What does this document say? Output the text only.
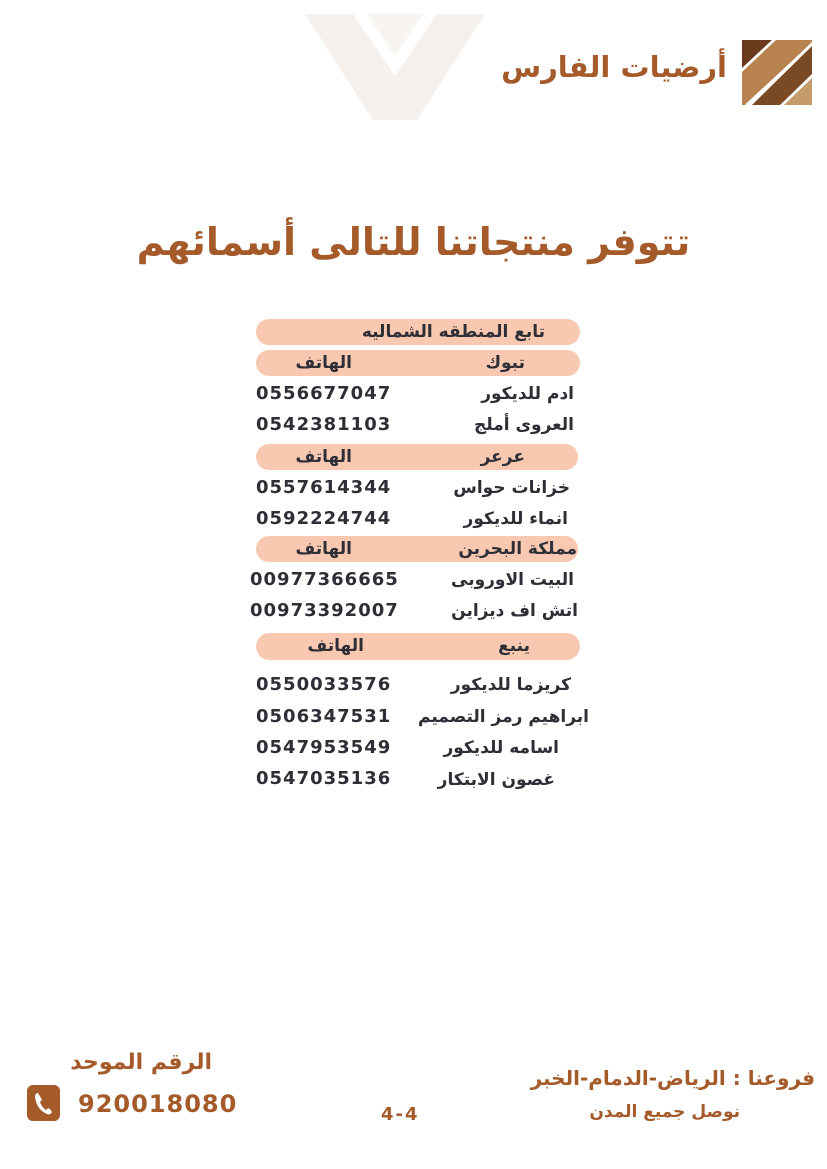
أرضيات الفارس
تتوفر منتجاتنا للتالى أسمائهم
تابع المنطقه الشماليه
تبوك
الهاتف
ادم للديكور
0556677047
العروى أملج
0542381103
عرعر
الهاتف
خزانات حواس
0557614344
انماء للديكور
0592224744
مملكة البحرين
الهاتف
البيت الاوروبى
00977366665
اتش اف ديزاين
00973392007
ينبع
الهاتف
كريزما للديكور
0550033576
ابراهيم رمز التصميم
0506347531
اسامه للديكور
0547953549
غصون الابتكار
0547035136
الرقم الموحد
920018080
فروعنا : الرياض-الدمام-الخبر
نوصل جميع المدن
4-4
